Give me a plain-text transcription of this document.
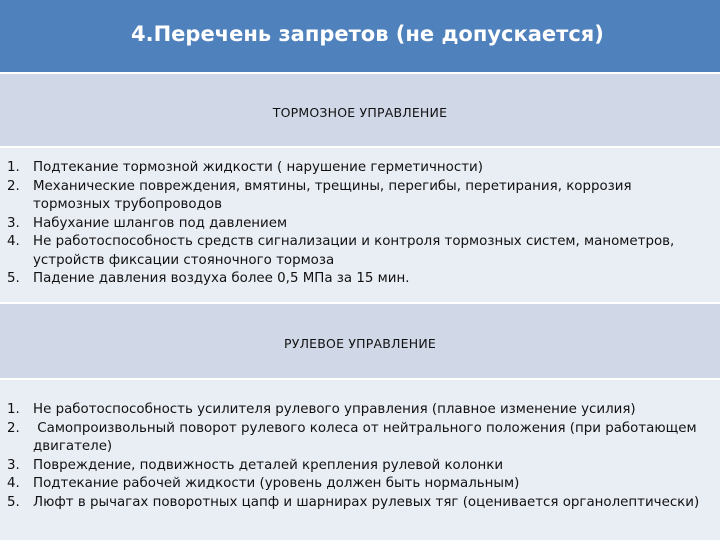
4.Перечень запретов (не допускается)
$_{ТОРМОЗНОЕ УПРАВЛЕНИЕ}$
1. Подтекание тормозной жидкости ( нарушение герметичности)
2. Механические повреждения, вмятины, трещины, перегибы, перетирания, коррозия тормозных трубопроводов
3. Набухание шлангов под давлением
4. Не работоспособность средств сигнализации и контроля тормозных систем, манометров, устройств фиксации стояночного тормоза
5. Падение давления воздуха более 0,5 МПа за 15 мин.
$_{РУЛЕВОЕ УПРАВЛЕНИЕ}$
1. Не работоспособность усилителя рулевого управления (плавное изменение усилия)
2. Самопроизвольный поворот рулевого колеса от нейтрального положения (при работающем двигателе)
3. Повреждение, подвижность деталей крепления рулевой колонки
4. Подтекание рабочей жидкости (уровень должен быть нормальным)
5. Люфт в рычагах поворотных цапф и шарнирах рулевых тяг (оценивается органолептически)
